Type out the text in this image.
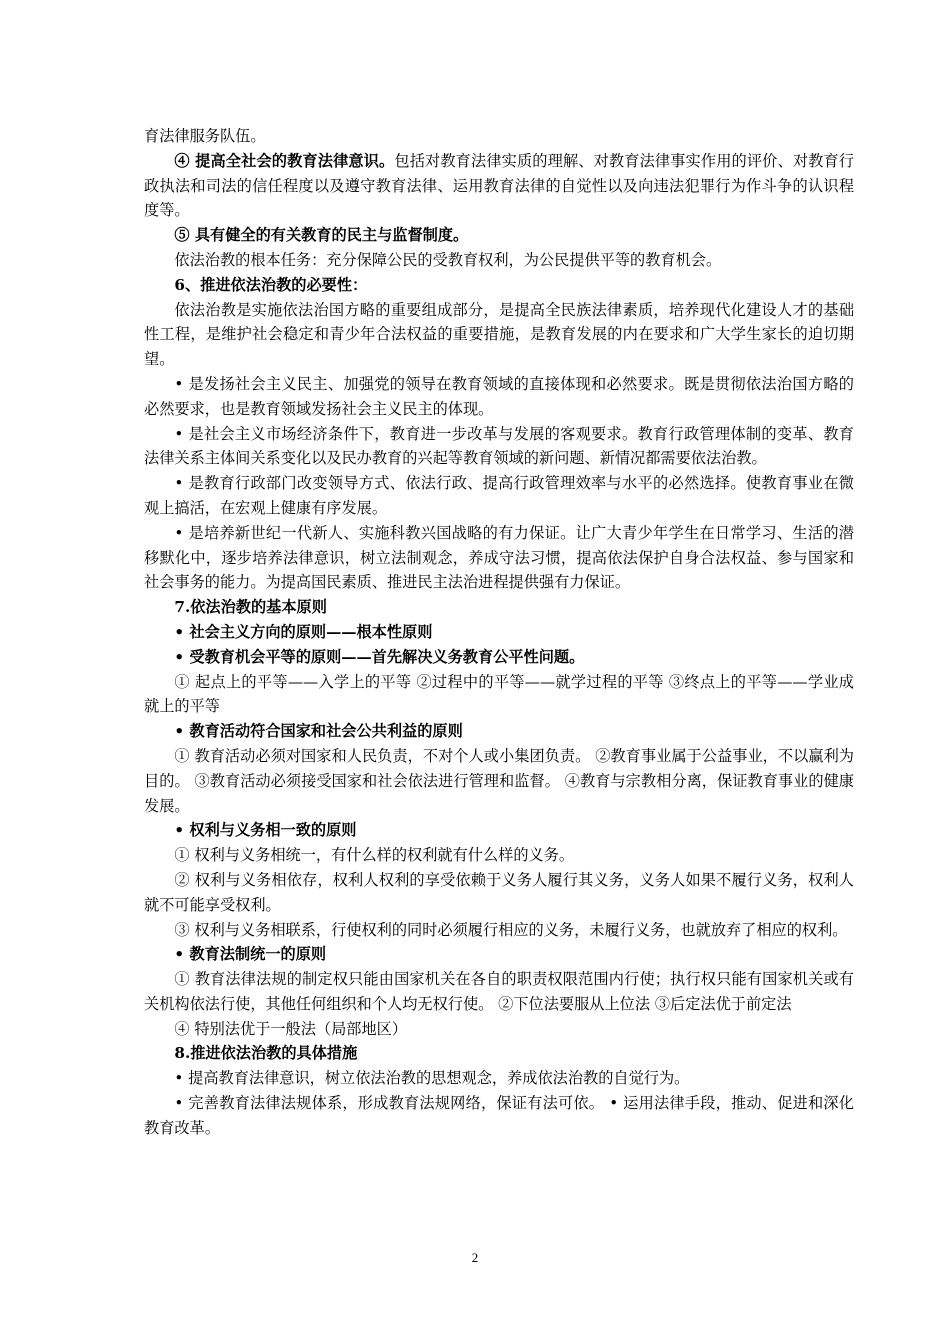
育法律服务队伍。

④ 提高全社会的教育法律意识。包括对教育法律实质的理解、对教育法律事实作用的评价、对教育行政执法和司法的信任程度以及遵守教育法律、运用教育法律的自觉性以及向违法犯罪行为作斗争的认识程度等。

⑤ 具有健全的有关教育的民主与监督制度。

依法治教的根本任务：充分保障公民的受教育权利，为公民提供平等的教育机会。

6、推进依法治教的必要性：

依法治教是实施依法治国方略的重要组成部分，是提高全民族法律素质，培养现代化建设人才的基础性工程，是维护社会稳定和青少年合法权益的重要措施，是教育发展的内在要求和广大学生家长的迫切期望。

• 是发扬社会主义民主、加强党的领导在教育领域的直接体现和必然要求。既是贯彻依法治国方略的必然要求，也是教育领域发扬社会主义民主的体现。

• 是社会主义市场经济条件下，教育进一步改革与发展的客观要求。教育行政管理体制的变革、教育法律关系主体间关系变化以及民办教育的兴起等教育领域的新问题、新情况都需要依法治教。

• 是教育行政部门改变领导方式、依法行政、提高行政管理效率与水平的必然选择。使教育事业在微观上搞活，在宏观上健康有序发展。

• 是培养新世纪一代新人、实施科教兴国战略的有力保证。让广大青少年学生在日常学习、生活的潜移默化中，逐步培养法律意识，树立法制观念，养成守法习惯，提高依法保护自身合法权益、参与国家和社会事务的能力。为提高国民素质、推进民主法治进程提供强有力保证。

7.依法治教的基本原则

• 社会主义方向的原则——根本性原则

• 受教育机会平等的原则——首先解决义务教育公平性问题。

① 起点上的平等——入学上的平等 ②过程中的平等——就学过程的平等 ③终点上的平等——学业成就上的平等

• 教育活动符合国家和社会公共利益的原则

① 教育活动必须对国家和人民负责，不对个人或小集团负责。 ②教育事业属于公益事业，不以赢利为目的。 ③教育活动必须接受国家和社会依法进行管理和监督。 ④教育与宗教相分离，保证教育事业的健康发展。

• 权利与义务相一致的原则

① 权利与义务相统一，有什么样的权利就有什么样的义务。

② 权利与义务相依存，权利人权利的享受依赖于义务人履行其义务，义务人如果不履行义务，权利人就不可能享受权利。

③ 权利与义务相联系，行使权利的同时必须履行相应的义务，未履行义务，也就放弃了相应的权利。

• 教育法制统一的原则

① 教育法律法规的制定权只能由国家机关在各自的职责权限范围内行使；执行权只能有国家机关或有关机构依法行使，其他任何组织和个人均无权行使。 ②下位法要服从上位法 ③后定法优于前定法

④ 特别法优于一般法（局部地区）

8.推进依法治教的具体措施

• 提高教育法律意识，树立依法治教的思想观念，养成依法治教的自觉行为。

• 完善教育法律法规体系，形成教育法规网络，保证有法可依。 • 运用法律手段，推动、促进和深化教育改革。

2
